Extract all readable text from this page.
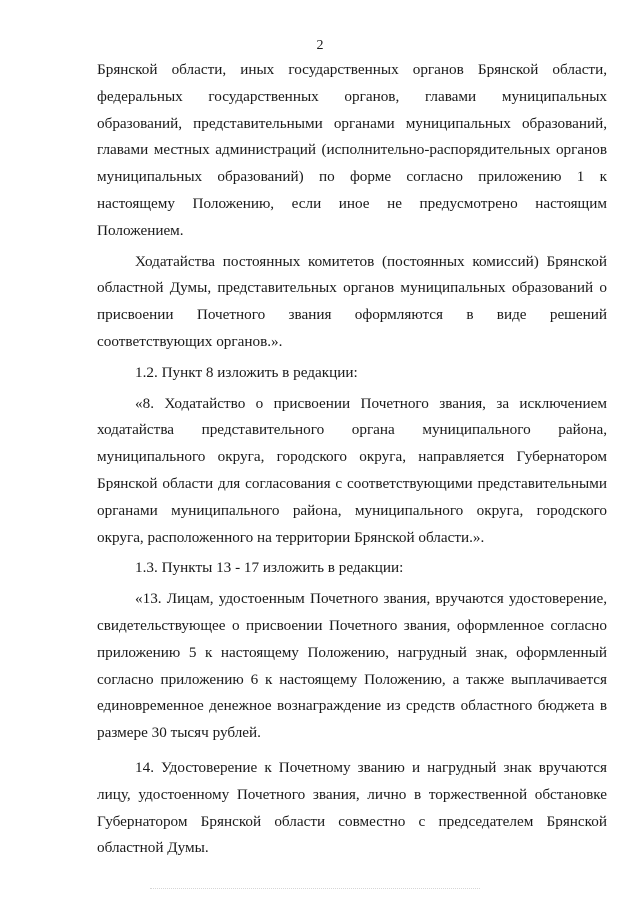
2

Брянской области, иных государственных органов Брянской области, федеральных государственных органов, главами муниципальных образований, представительными органами муниципальных образований, главами местных администраций (исполнительно-распорядительных органов муниципальных образований) по форме согласно приложению 1 к настоящему Положению, если иное не предусмотрено настоящим Положением.

Ходатайства постоянных комитетов (постоянных комиссий) Брянской областной Думы, представительных органов муниципальных образований о присвоении Почетного звания оформляются в виде решений соответствующих органов.».

1.2. Пункт 8 изложить в редакции:

«8. Ходатайство о присвоении Почетного звания, за исключением ходатайства представительного органа муниципального района, муниципального округа, городского округа, направляется Губернатором Брянской области для согласования с соответствующими представительными органами муниципального района, муниципального округа, городского округа, расположенного на территории Брянской области.».

1.3. Пункты 13 - 17 изложить в редакции:

«13. Лицам, удостоенным Почетного звания, вручаются удостоверение, свидетельствующее о присвоении Почетного звания, оформленное согласно приложению 5 к настоящему Положению, нагрудный знак, оформленный согласно приложению 6 к настоящему Положению, а также выплачивается единовременное денежное вознаграждение из средств областного бюджета в размере 30 тысяч рублей.

14. Удостоверение к Почетному званию и нагрудный знак вручаются лицу, удостоенному Почетного звания, лично в торжественной обстановке Губернатором Брянской области совместно с председателем Брянской областной Думы.
